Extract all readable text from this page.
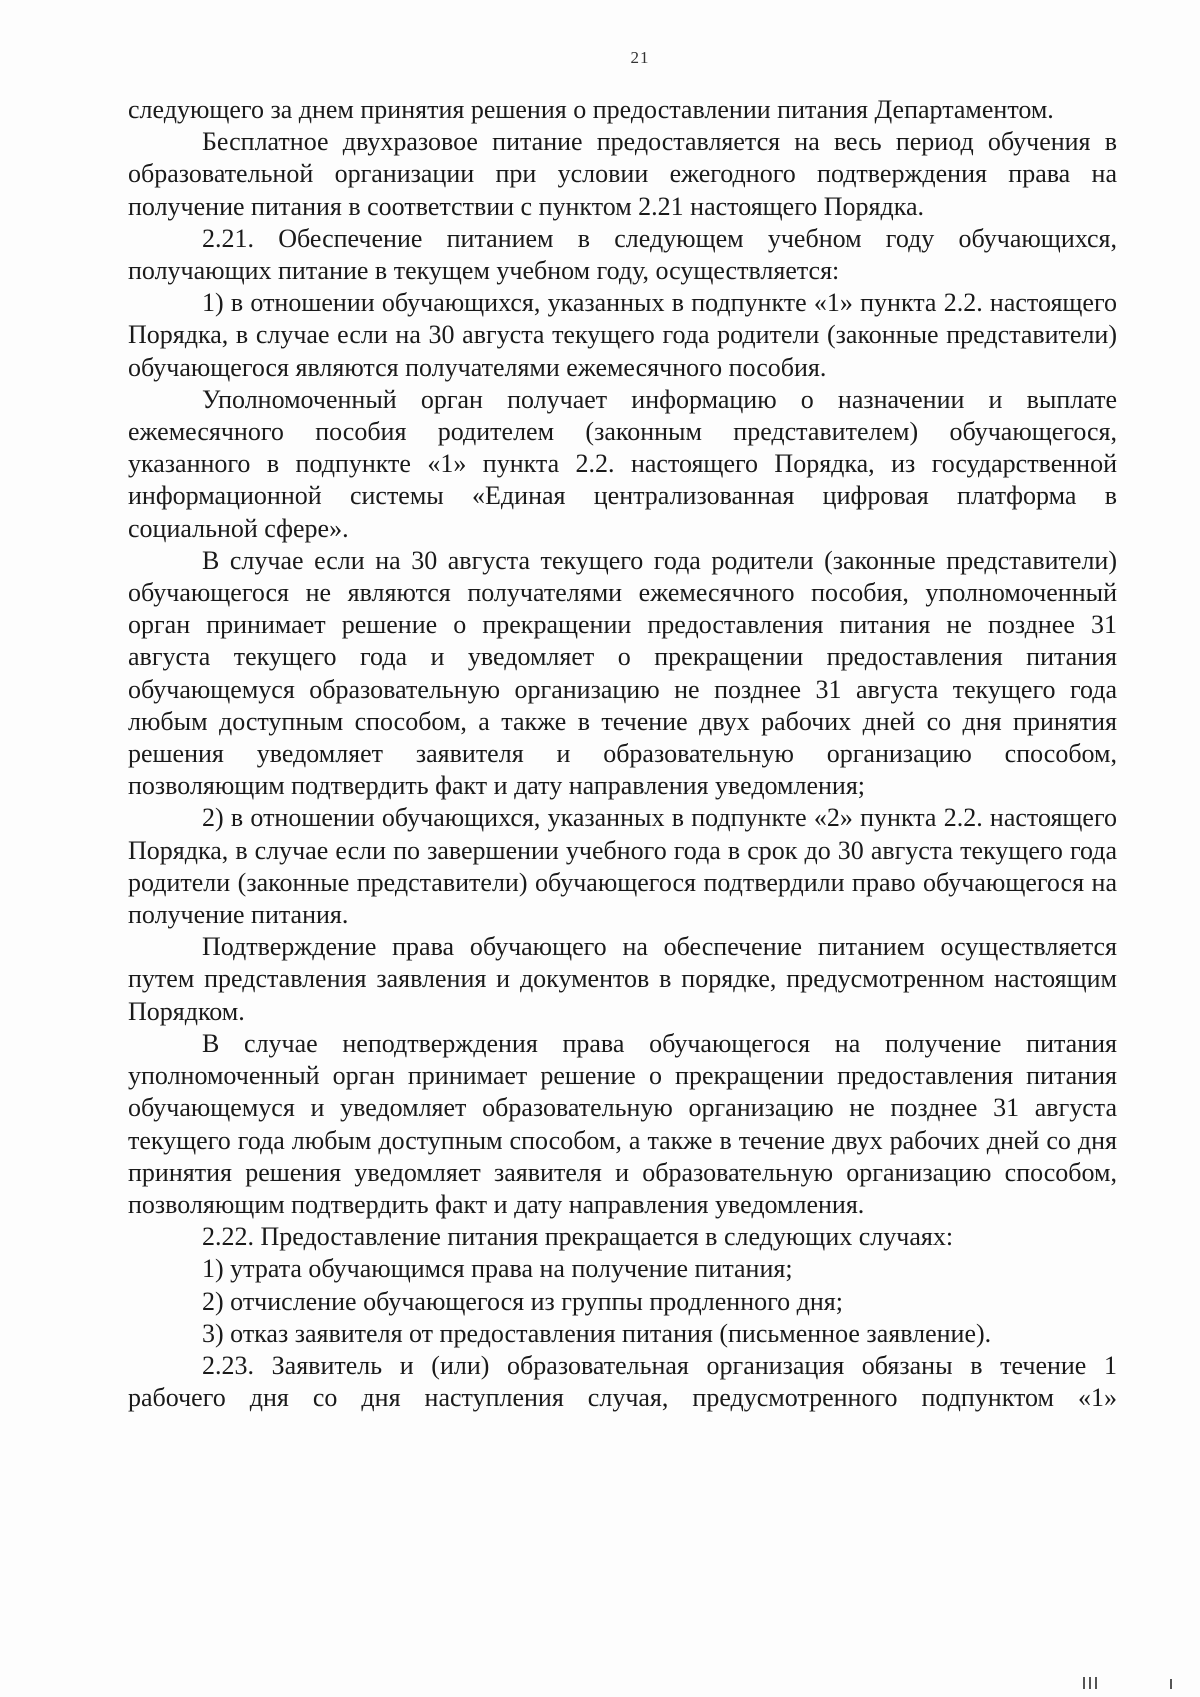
21

следующего за днем принятия решения о предоставлении питания Департаментом.

Бесплатное двухразовое питание предоставляется на весь период обучения в образовательной организации при условии ежегодного подтверждения права на получение питания в соответствии с пунктом 2.21 настоящего Порядка.

2.21. Обеспечение питанием в следующем учебном году обучающихся, получающих питание в текущем учебном году, осуществляется:

1) в отношении обучающихся, указанных в подпункте «1» пункта 2.2. настоящего Порядка, в случае если на 30 августа текущего года родители (законные представители) обучающегося являются получателями ежемесячного пособия.

Уполномоченный орган получает информацию о назначении и выплате ежемесячного пособия родителем (законным представителем) обучающегося, указанного в подпункте «1» пункта 2.2. настоящего Порядка, из государственной информационной системы «Единая централизованная цифровая платформа в социальной сфере».

В случае если на 30 августа текущего года родители (законные представители) обучающегося не являются получателями ежемесячного пособия, уполномоченный орган принимает решение о прекращении предоставления питания не позднее 31 августа текущего года и уведомляет о прекращении предоставления питания обучающемуся образовательную организацию не позднее 31 августа текущего года любым доступным способом, а также в течение двух рабочих дней со дня принятия решения уведомляет заявителя и образовательную организацию способом, позволяющим подтвердить факт и дату направления уведомления;

2) в отношении обучающихся, указанных в подпункте «2» пункта 2.2. настоящего Порядка, в случае если по завершении учебного года в срок до 30 августа текущего года родители (законные представители) обучающегося подтвердили право обучающегося на получение питания.

Подтверждение права обучающего на обеспечение питанием осуществляется путем представления заявления и документов в порядке, предусмотренном настоящим Порядком.

В случае неподтверждения права обучающегося на получение питания уполномоченный орган принимает решение о прекращении предоставления питания обучающемуся и уведомляет образовательную организацию не позднее 31 августа текущего года любым доступным способом, а также в течение двух рабочих дней со дня принятия решения уведомляет заявителя и образовательную организацию способом, позволяющим подтвердить факт и дату направления уведомления.

2.22. Предоставление питания прекращается в следующих случаях:

1) утрата обучающимся права на получение питания;

2) отчисление обучающегося из группы продленного дня;

3) отказ заявителя от предоставления питания (письменное заявление).

2.23. Заявитель и (или) образовательная организация обязаны в течение 1 рабочего дня со дня наступления случая, предусмотренного подпунктом «1»
